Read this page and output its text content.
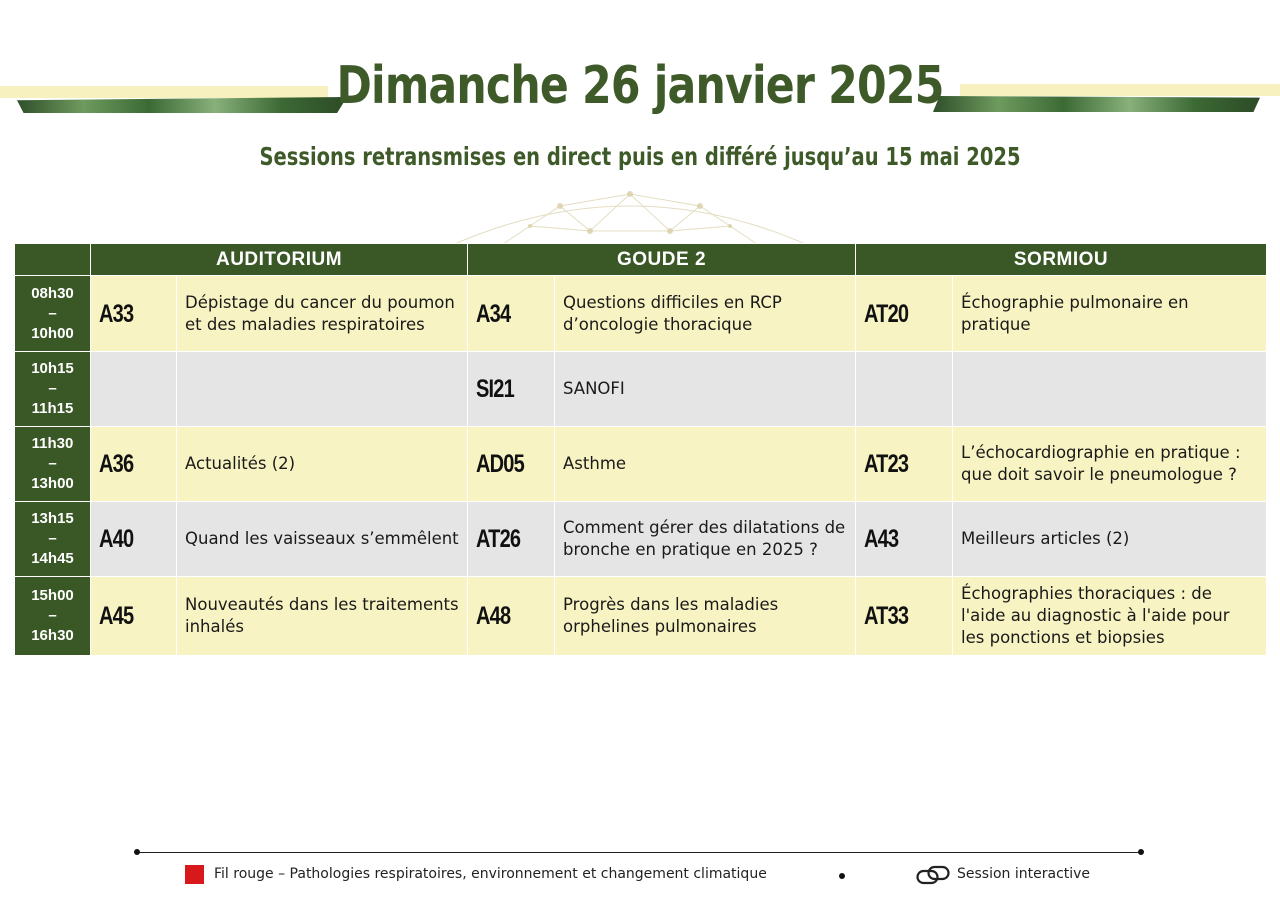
Dimanche 26 janvier 2025
Sessions retransmises en direct puis en différé jusqu’au 15 mai 2025
	AUDITORIUM		GOUDE 2		SORMIOU	

08h30
–
10h00	A33	Dépistage du cancer du poumon et des maladies respiratoires	A34	Questions difficiles en RCP d’oncologie thoracique	AT20	Échographie pulmonaire en pratique

10h15
–
11h15			SI21	SANOFI		

11h30
–
13h00	A36	Actualités (2)	AD05	Asthme	AT23	L’échocardiographie en pratique : que doit savoir le pneumologue ?

13h15
–
14h45	A40	Quand les vaisseaux s’emmêlent	AT26	Comment gérer des dilatations de bronche en pratique en 2025 ?	A43	Meilleurs articles (2)

15h00
–
16h30	A45	Nouveautés dans les traitements inhalés	A48	Progrès dans les maladies orphelines pulmonaires	AT33	Échographies thoraciques : de l'aide au diagnostic à l'aide pour les ponctions et biopsies
Fil rouge – Pathologies respiratoires, environnement et changement climatique	Session interactive
